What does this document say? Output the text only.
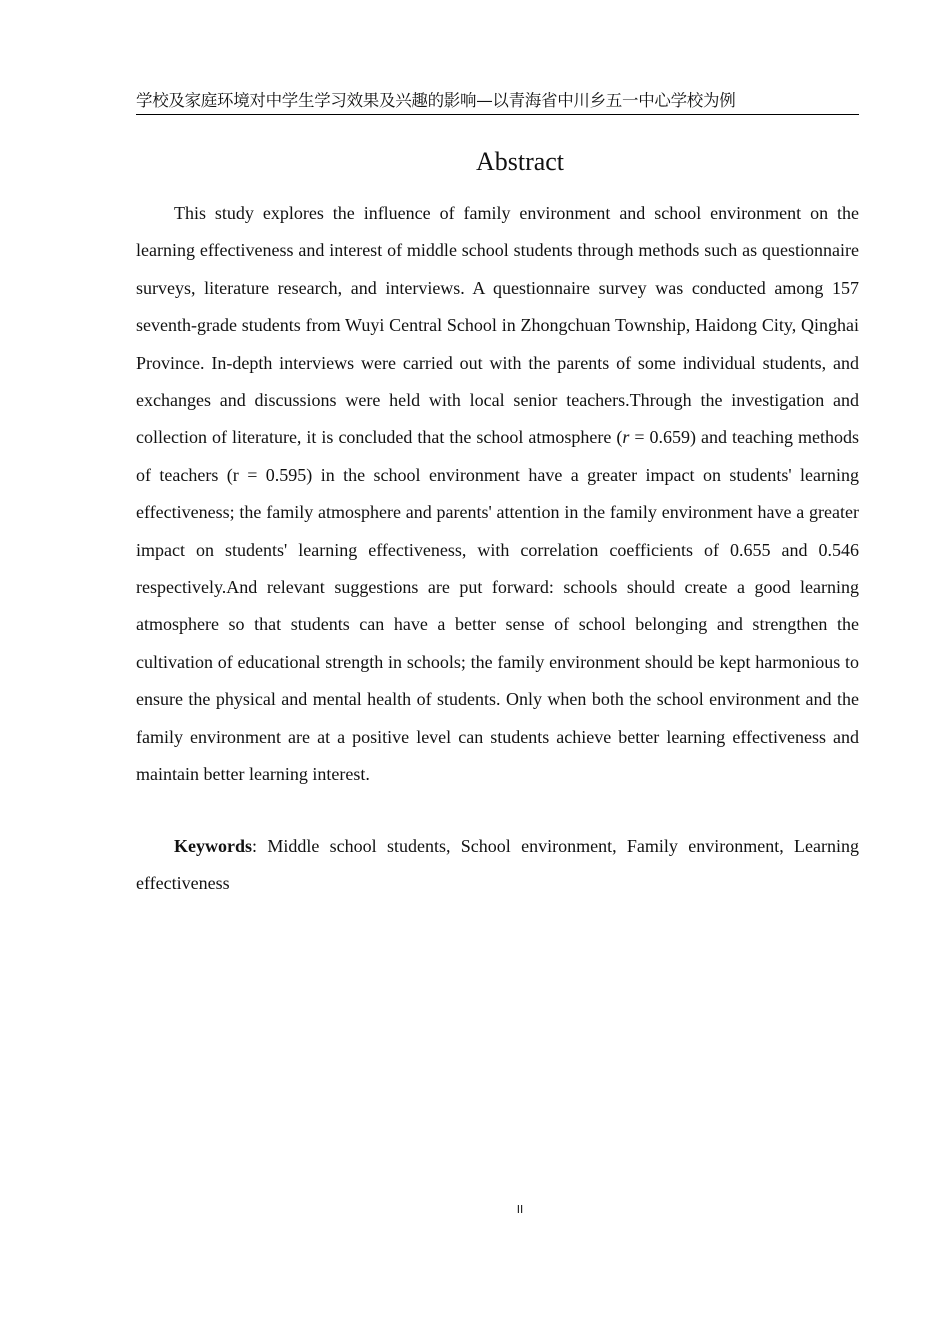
学校及家庭环境对中学生学习效果及兴趣的影响—以青海省中川乡五一中心学校为例
Abstract

This study explores the influence of family environment and school environment on the learning effectiveness and interest of middle school students through methods such as questionnaire surveys, literature research, and interviews. A questionnaire survey was conducted among 157 seventh-grade students from Wuyi Central School in Zhongchuan Township, Haidong City, Qinghai Province. In-depth interviews were carried out with the parents of some individual students, and exchanges and discussions were held with local senior teachers.Through the investigation and collection of literature, it is concluded that the school atmosphere (r = 0.659) and teaching methods of teachers (r = 0.595) in the school environment have a greater impact on students' learning effectiveness; the family atmosphere and parents' attention in the family environment have a greater impact on students' learning effectiveness, with correlation coefficients of 0.655 and 0.546 respectively.And relevant suggestions are put forward: schools should create a good learning atmosphere so that students can have a better sense of school belonging and strengthen the cultivation of educational strength in schools; the family environment should be kept harmonious to ensure the physical and mental health of students. Only when both the school environment and the family environment are at a positive level can students achieve better learning effectiveness and maintain better learning interest.

Keywords: Middle school students, School environment, Family environment, Learning effectiveness

II
